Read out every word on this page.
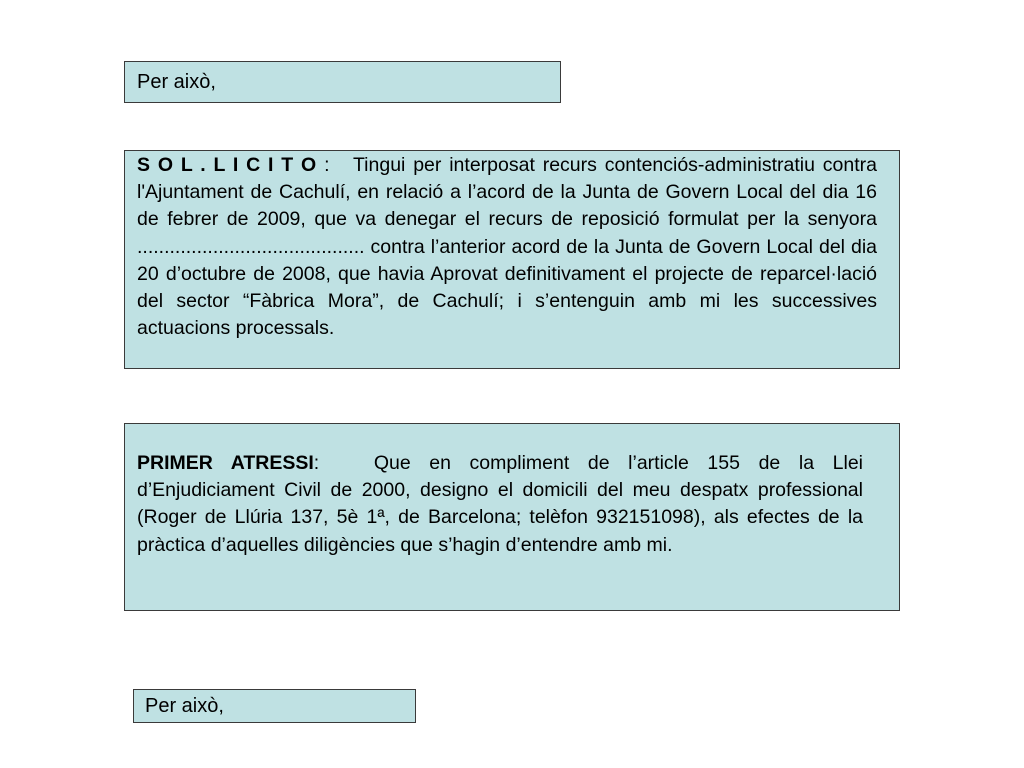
Per això,
S O L . L I C I T O : Tingui per interposat recurs contenciós-administratiu contra l'Ajuntament de Cachulí, en relació a l’acord de la Junta de Govern Local del dia 16 de febrer de 2009, que va denegar el recurs de reposició formulat per la senyora .......................................... contra l’anterior acord de la Junta de Govern Local del dia 20 d’octubre de 2008, que havia Aprovat definitivament el projecte de reparcel·lació del sector “Fàbrica Mora”, de Cachulí; i s’entenguin amb mi les successives actuacions processals.
PRIMER ATRESSI:	Que en compliment de l’article 155 de la Llei d’Enjudiciament Civil de 2000, designo el domicili del meu despatx professional (Roger de Llúria 137, 5è 1ª, de Barcelona; telèfon 932151098), als efectes de la pràctica d’aquelles diligències que s’hagin d’entendre amb mi.
Per això,
